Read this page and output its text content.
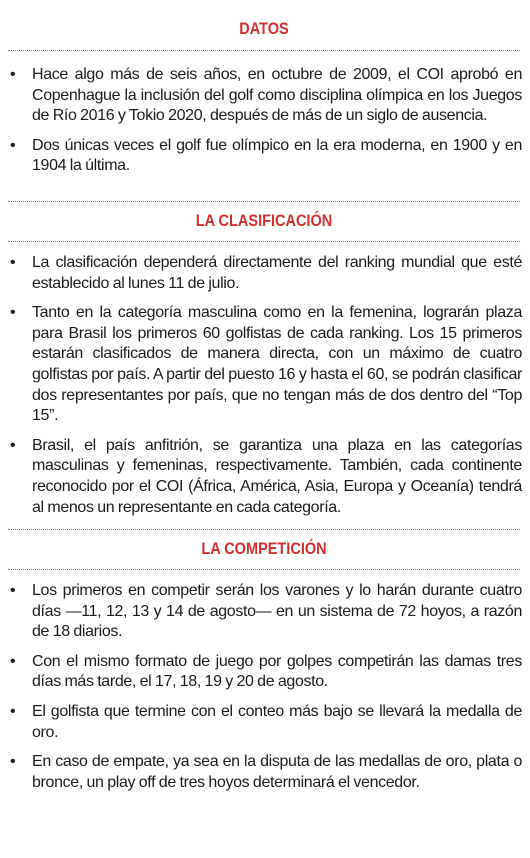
DATOS
• Hace algo más de seis años, en octubre de 2009, el COI aprobó en Copenhague la inclusión del golf como disciplina olímpica en los Juegos de Río 2016 y Tokio 2020, después de más de un siglo de ausencia.
• Dos únicas veces el golf fue olímpico en la era moderna, en 1900 y en 1904 la última.
LA CLASIFICACIÓN
• La clasificación dependerá directamente del ranking mundial que esté establecido al lunes 11 de julio.
• Tanto en la categoría masculina como en la femenina, lograrán plaza para Brasil los primeros 60 golfistas de cada ranking. Los 15 primeros estarán clasificados de manera directa, con un máximo de cuatro golfistas por país. A partir del puesto 16 y hasta el 60, se podrán clasificar dos representantes por país, que no tengan más de dos dentro del “Top 15”.
• Brasil, el país anfitrión, se garantiza una plaza en las categorías masculinas y femeninas, respectivamente. También, cada continente reconocido por el COI (África, América, Asia, Europa y Oceanía) tendrá al menos un representante en cada categoría.
LA COMPETICIÓN
• Los primeros en competir serán los varones y lo harán durante cuatro días —11, 12, 13 y 14 de agosto— en un sistema de 72 hoyos, a razón de 18 diarios.
• Con el mismo formato de juego por golpes competirán las damas tres días más tarde, el 17, 18, 19 y 20 de agosto.
• El golfista que termine con el conteo más bajo se llevará la medalla de oro.
• En caso de empate, ya sea en la disputa de las medallas de oro, plata o bronce, un play off de tres hoyos determinará el vencedor.
